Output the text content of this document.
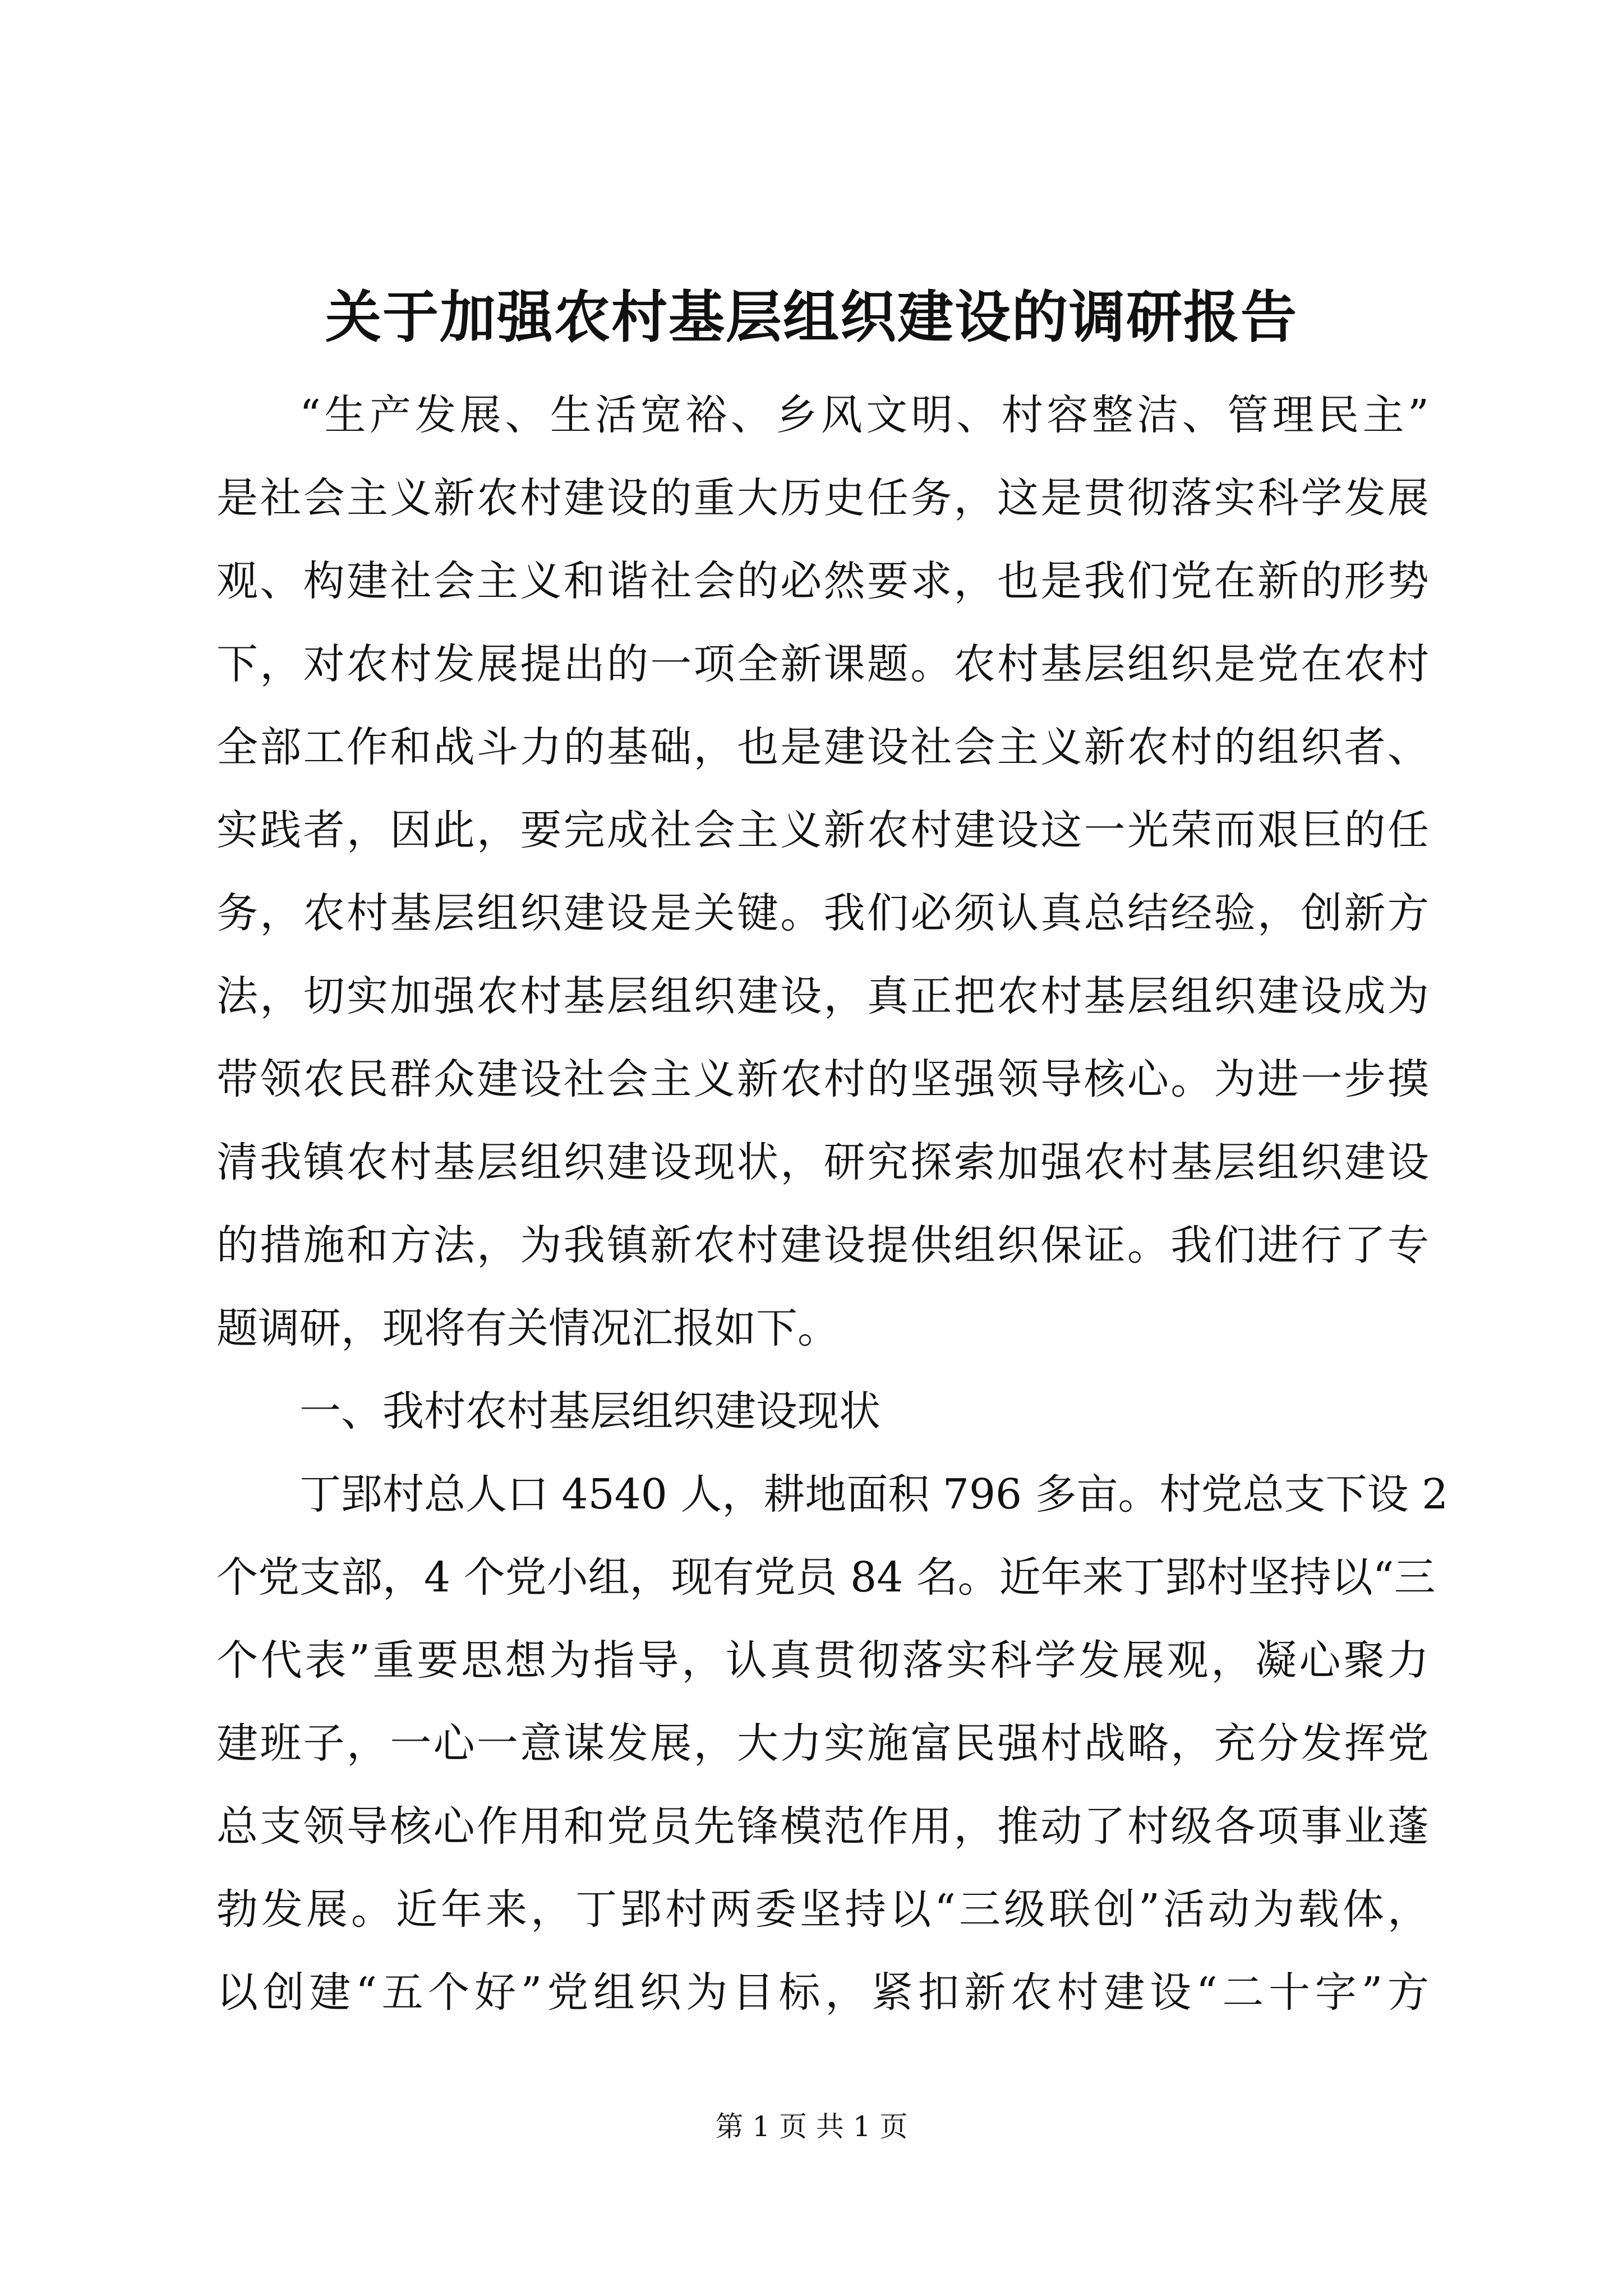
关于加强农村基层组织建设的调研报告
“生产发展、生活宽裕、乡风文明、村容整洁、管理民主”
是社会主义新农村建设的重大历史任务，这是贯彻落实科学发展
观、构建社会主义和谐社会的必然要求，也是我们党在新的形势
下，对农村发展提出的一项全新课题。农村基层组织是党在农村
全部工作和战斗力的基础，也是建设社会主义新农村的组织者、
实践者，因此，要完成社会主义新农村建设这一光荣而艰巨的任
务，农村基层组织建设是关键。我们必须认真总结经验，创新方
法，切实加强农村基层组织建设，真正把农村基层组织建设成为
带领农民群众建设社会主义新农村的坚强领导核心。为进一步摸
清我镇农村基层组织建设现状，研究探索加强农村基层组织建设
的措施和方法，为我镇新农村建设提供组织保证。我们进行了专
题调研，现将有关情况汇报如下。
一、我村农村基层组织建设现状
丁郢村总人口 4540 人，耕地面积 796 多亩。村党总支下设 2
个党支部，4 个党小组，现有党员 84 名。近年来丁郢村坚持以“三
个代表”重要思想为指导，认真贯彻落实科学发展观，凝心聚力
建班子，一心一意谋发展，大力实施富民强村战略，充分发挥党
总支领导核心作用和党员先锋模范作用，推动了村级各项事业蓬
勃发展。近年来，丁郢村两委坚持以“三级联创”活动为载体，
以创建“五个好”党组织为目标，紧扣新农村建设“二十字”方
第 1 页 共 1 页
